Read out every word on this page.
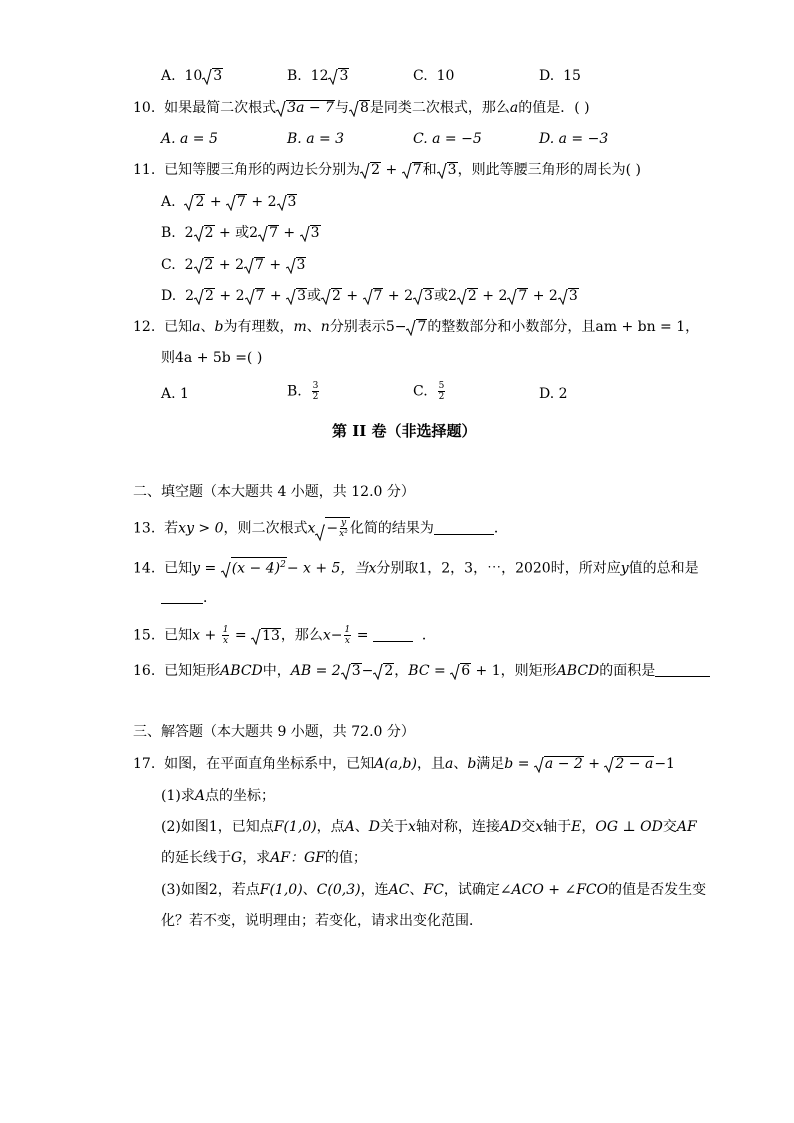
A. 10 3	B. 12 3	C. 10	D. 15
10. 如果最简二次根式 3a − 7与 8是同类二次根式，那么a的值是．( )
A. a = 5	B. a = 3	C. a = −5	D. a = −3
11. 已知等腰三角形的两边长分别为 2 + 7和 3，则此等腰三角形的周长为( )
A. 2 + 7 + 2 3
B. 2 2 + 或2 7 + 3
C. 2 2 + 2 7 + 3
D. 2 2 + 2 7 + 3或 2 + 7 + 2 3或2 2 + 2 7 + 2 3
12. 已知a、b为有理数，m、n分别表示5− 7的整数部分和小数部分，且am + bn = 1，
则4a + 5b =( )
A. 1	B. $\frac{3}{2}$	C. $\frac{5}{2}$	D. 2
第 II 卷（非选择题）
二、填空题（本大题共 4 小题，共 12.0 分）
13. 若xy > 0，则二次根式$x - \frac{y}{\text{x²}}$ 化简的结果为	．
14. 已知$y = (x - 4)^2- x + 5$，当x分别取1，2，3，⋯，2020时，所对应y值的总和是
．
15. 已知$x + \frac{1}{x} = 13$，那么$x- \frac{1}{x}$ =	．
16. 已知矩形ABCD中，AB = 2 3− 2，BC = 6 + 1，则矩形ABCD的面积是
三、解答题（本大题共 9 小题，共 72.0 分）
17. 如图，在平面直角坐标系中，已知A(a,b)，且a、b满足b = a − 2 + 2 − a−1
(1)求A点的坐标；
(2)如图1，已知点F(1,0)，点A、D关于x轴对称，连接AD交x轴于E，OG ⊥ OD交AF
的延长线于G，求AF：GF的值；
(3)如图2，若点F(1,0)、C(0,3)，连AC、FC，试确定∠ACO + ∠FCO的值是否发生变
化？若不变，说明理由；若变化，请求出变化范围．
